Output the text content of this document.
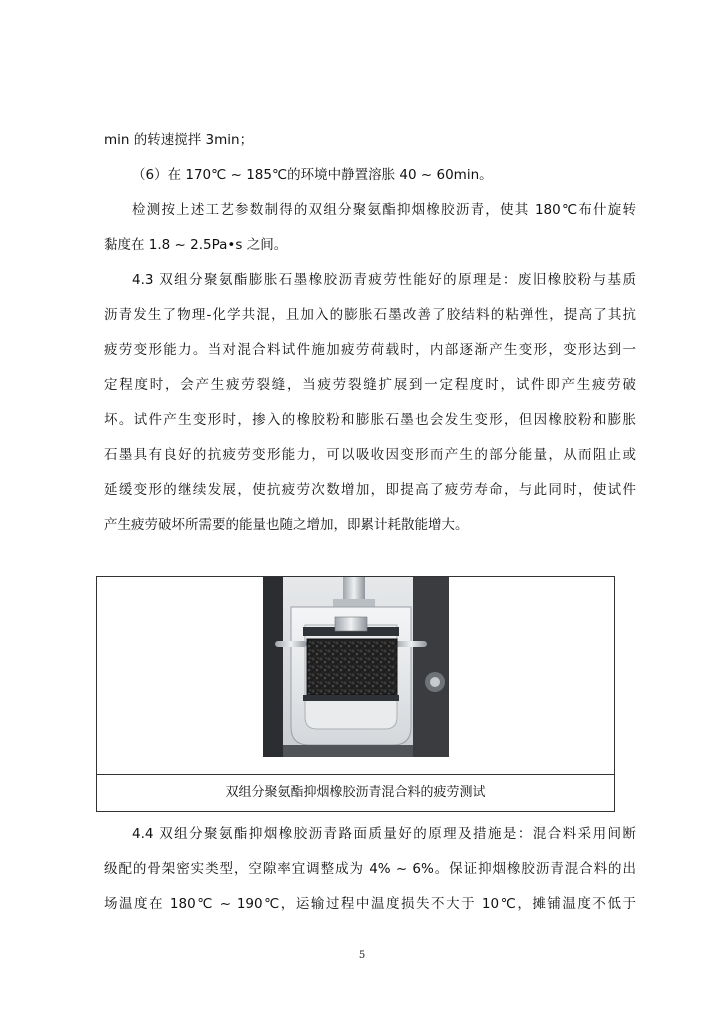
min 的转速搅拌 3min；
（6）在 170℃ ~ 185℃的环境中静置溶胀 40 ~ 60min。
检测按上述工艺参数制得的双组分聚氨酯抑烟橡胶沥青，使其 180℃布什旋转
黏度在 1.8 ~ 2.5Pa•s 之间。
4.3 双组分聚氨酯膨胀石墨橡胶沥青疲劳性能好的原理是：废旧橡胶粉与基质
沥青发生了物理-化学共混，且加入的膨胀石墨改善了胶结料的粘弹性，提高了其抗
疲劳变形能力。当对混合料试件施加疲劳荷载时，内部逐渐产生变形，变形达到一
定程度时，会产生疲劳裂缝，当疲劳裂缝扩展到一定程度时，试件即产生疲劳破
坏。试件产生变形时，掺入的橡胶粉和膨胀石墨也会发生变形，但因橡胶粉和膨胀
石墨具有良好的抗疲劳变形能力，可以吸收因变形而产生的部分能量，从而阻止或
延缓变形的继续发展，使抗疲劳次数增加，即提高了疲劳寿命，与此同时，使试件
产生疲劳破坏所需要的能量也随之增加，即累计耗散能增大。
双组分聚氨酯抑烟橡胶沥青混合料的疲劳测试
4.4 双组分聚氨酯抑烟橡胶沥青路面质量好的原理及措施是：混合料采用间断
级配的骨架密实类型，空隙率宜调整成为 4% ~ 6%。保证抑烟橡胶沥青混合料的出
场温度在 180℃ ~ 190℃，运输过程中温度损失不大于 10℃，摊铺温度不低于
5
